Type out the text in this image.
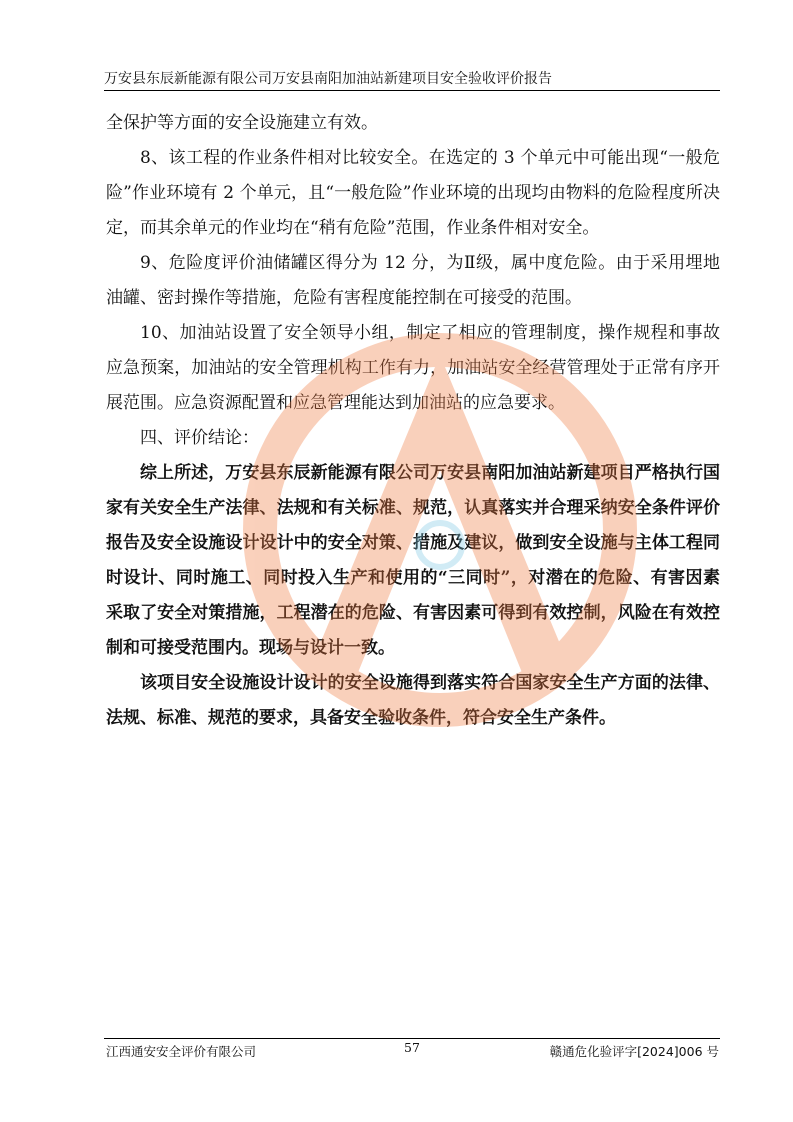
万安县东辰新能源有限公司万安县南阳加油站新建项目安全验收评价报告

全保护等方面的安全设施建立有效。

8、该工程的作业条件相对比较安全。在选定的 3 个单元中可能出现“一般危险”作业环境有 2 个单元，且“一般危险”作业环境的出现均由物料的危险程度所决定，而其余单元的作业均在“稍有危险”范围，作业条件相对安全。

9、危险度评价油储罐区得分为 12 分，为Ⅱ级，属中度危险。由于采用埋地油罐、密封操作等措施，危险有害程度能控制在可接受的范围。

10、加油站设置了安全领导小组，制定了相应的管理制度，操作规程和事故应急预案，加油站的安全管理机构工作有力，加油站安全经营管理处于正常有序开展范围。应急资源配置和应急管理能达到加油站的应急要求。

四、评价结论：

综上所述，万安县东辰新能源有限公司万安县南阳加油站新建项目严格执行国家有关安全生产法律、法规和有关标准、规范，认真落实并合理采纳安全条件评价报告及安全设施设计设计中的安全对策、措施及建议，做到安全设施与主体工程同时设计、同时施工、同时投入生产和使用的“三同时”，对潜在的危险、有害因素采取了安全对策措施，工程潜在的危险、有害因素可得到有效控制，风险在有效控制和可接受范围内。现场与设计一致。

该项目安全设施设计设计的安全设施得到落实符合国家安全生产方面的法律、法规、标准、规范的要求，具备安全验收条件，符合安全生产条件。

江西通安安全评价有限公司	57	赣通危化验评字[2024]006 号
